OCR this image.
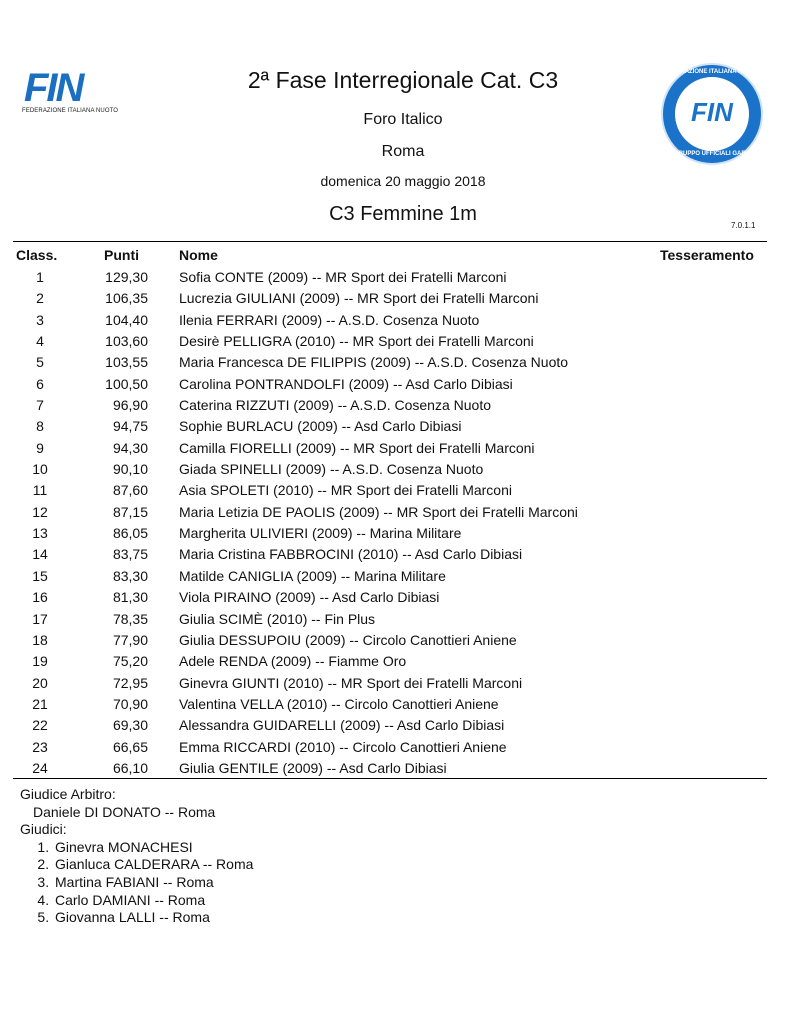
FIN
FEDERAZIONE ITALIANA NUOTO
FEDERAZIONE ITALIANA NUOTO
FIN
GRUPPO UFFICIALI GARA
2ª Fase Interregionale Cat. C3
Foro Italico
Roma
domenica 20 maggio 2018
C3 Femmine 1m
7.0.1.1
Class.	Punti	Nome	Tesseramento
1	129,30 Sofia CONTE (2009) -- MR Sport dei Fratelli Marconi
2	106,35 Lucrezia GIULIANI (2009) -- MR Sport dei Fratelli Marconi
3	104,40 Ilenia FERRARI (2009) -- A.S.D. Cosenza Nuoto
4	103,60 Desirè PELLIGRA (2010) -- MR Sport dei Fratelli Marconi
5	103,55 Maria Francesca DE FILIPPIS (2009) -- A.S.D. Cosenza Nuoto
6	100,50 Carolina PONTRANDOLFI (2009) -- Asd Carlo Dibiasi
7	96,90 Caterina RIZZUTI (2009) -- A.S.D. Cosenza Nuoto
8	94,75 Sophie BURLACU (2009) -- Asd Carlo Dibiasi
9	94,30 Camilla FIORELLI (2009) -- MR Sport dei Fratelli Marconi
10	90,10 Giada SPINELLI (2009) -- A.S.D. Cosenza Nuoto
11	87,60 Asia SPOLETI (2010) -- MR Sport dei Fratelli Marconi
12	87,15 Maria Letizia DE PAOLIS (2009) -- MR Sport dei Fratelli Marconi
13	86,05 Margherita ULIVIERI (2009) -- Marina Militare
14	83,75 Maria Cristina FABBROCINI (2010) -- Asd Carlo Dibiasi
15	83,30 Matilde CANIGLIA (2009) -- Marina Militare
16	81,30 Viola PIRAINO (2009) -- Asd Carlo Dibiasi
17	78,35 Giulia SCIMÈ (2010) -- Fin Plus
18	77,90 Giulia DESSUPOIU (2009) -- Circolo Canottieri Aniene
19	75,20 Adele RENDA (2009) -- Fiamme Oro
20	72,95 Ginevra GIUNTI (2010) -- MR Sport dei Fratelli Marconi
21	70,90 Valentina VELLA (2010) -- Circolo Canottieri Aniene
22	69,30 Alessandra GUIDARELLI (2009) -- Asd Carlo Dibiasi
23	66,65 Emma RICCARDI (2010) -- Circolo Canottieri Aniene
24	66,10 Giulia GENTILE (2009) -- Asd Carlo Dibiasi
Giudice Arbitro:
Daniele DI DONATO -- Roma
Giudici:
1. Ginevra MONACHESI
2. Gianluca CALDERARA -- Roma
3. Martina FABIANI -- Roma
4. Carlo DAMIANI -- Roma
5. Giovanna LALLI -- Roma
